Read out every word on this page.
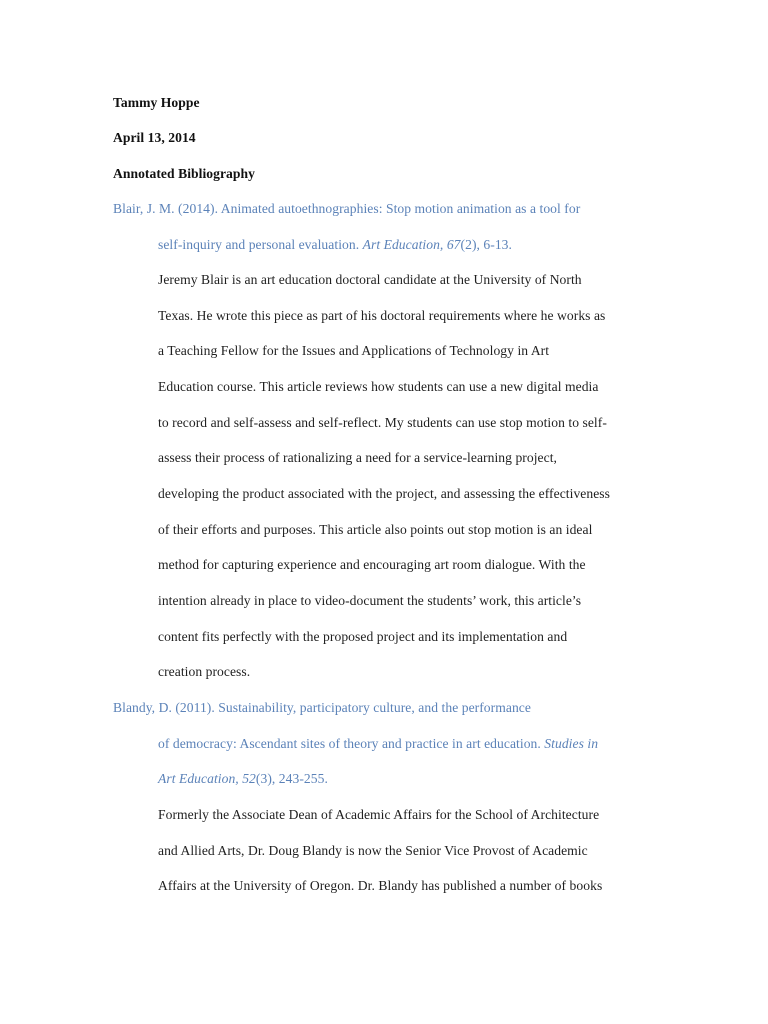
Tammy Hoppe
April 13, 2014
Annotated Bibliography
Blair, J. M. (2014). Animated autoethnographies: Stop motion animation as a tool for
self-inquiry and personal evaluation. Art Education, 67(2), 6-13.
Jeremy Blair is an art education doctoral candidate at the University of North
Texas. He wrote this piece as part of his doctoral requirements where he works as
a Teaching Fellow for the Issues and Applications of Technology in Art
Education course. This article reviews how students can use a new digital media
to record and self-assess and self-reflect. My students can use stop motion to self-
assess their process of rationalizing a need for a service-learning project,
developing the product associated with the project, and assessing the effectiveness
of their efforts and purposes. This article also points out stop motion is an ideal
method for capturing experience and encouraging art room dialogue. With the
intention already in place to video-document the students’ work, this article’s
content fits perfectly with the proposed project and its implementation and
creation process.
Blandy, D. (2011). Sustainability, participatory culture, and the performance
of democracy: Ascendant sites of theory and practice in art education. Studies in
Art Education, 52(3), 243-255.
Formerly the Associate Dean of Academic Affairs for the School of Architecture
and Allied Arts, Dr. Doug Blandy is now the Senior Vice Provost of Academic
Affairs at the University of Oregon. Dr. Blandy has published a number of books
